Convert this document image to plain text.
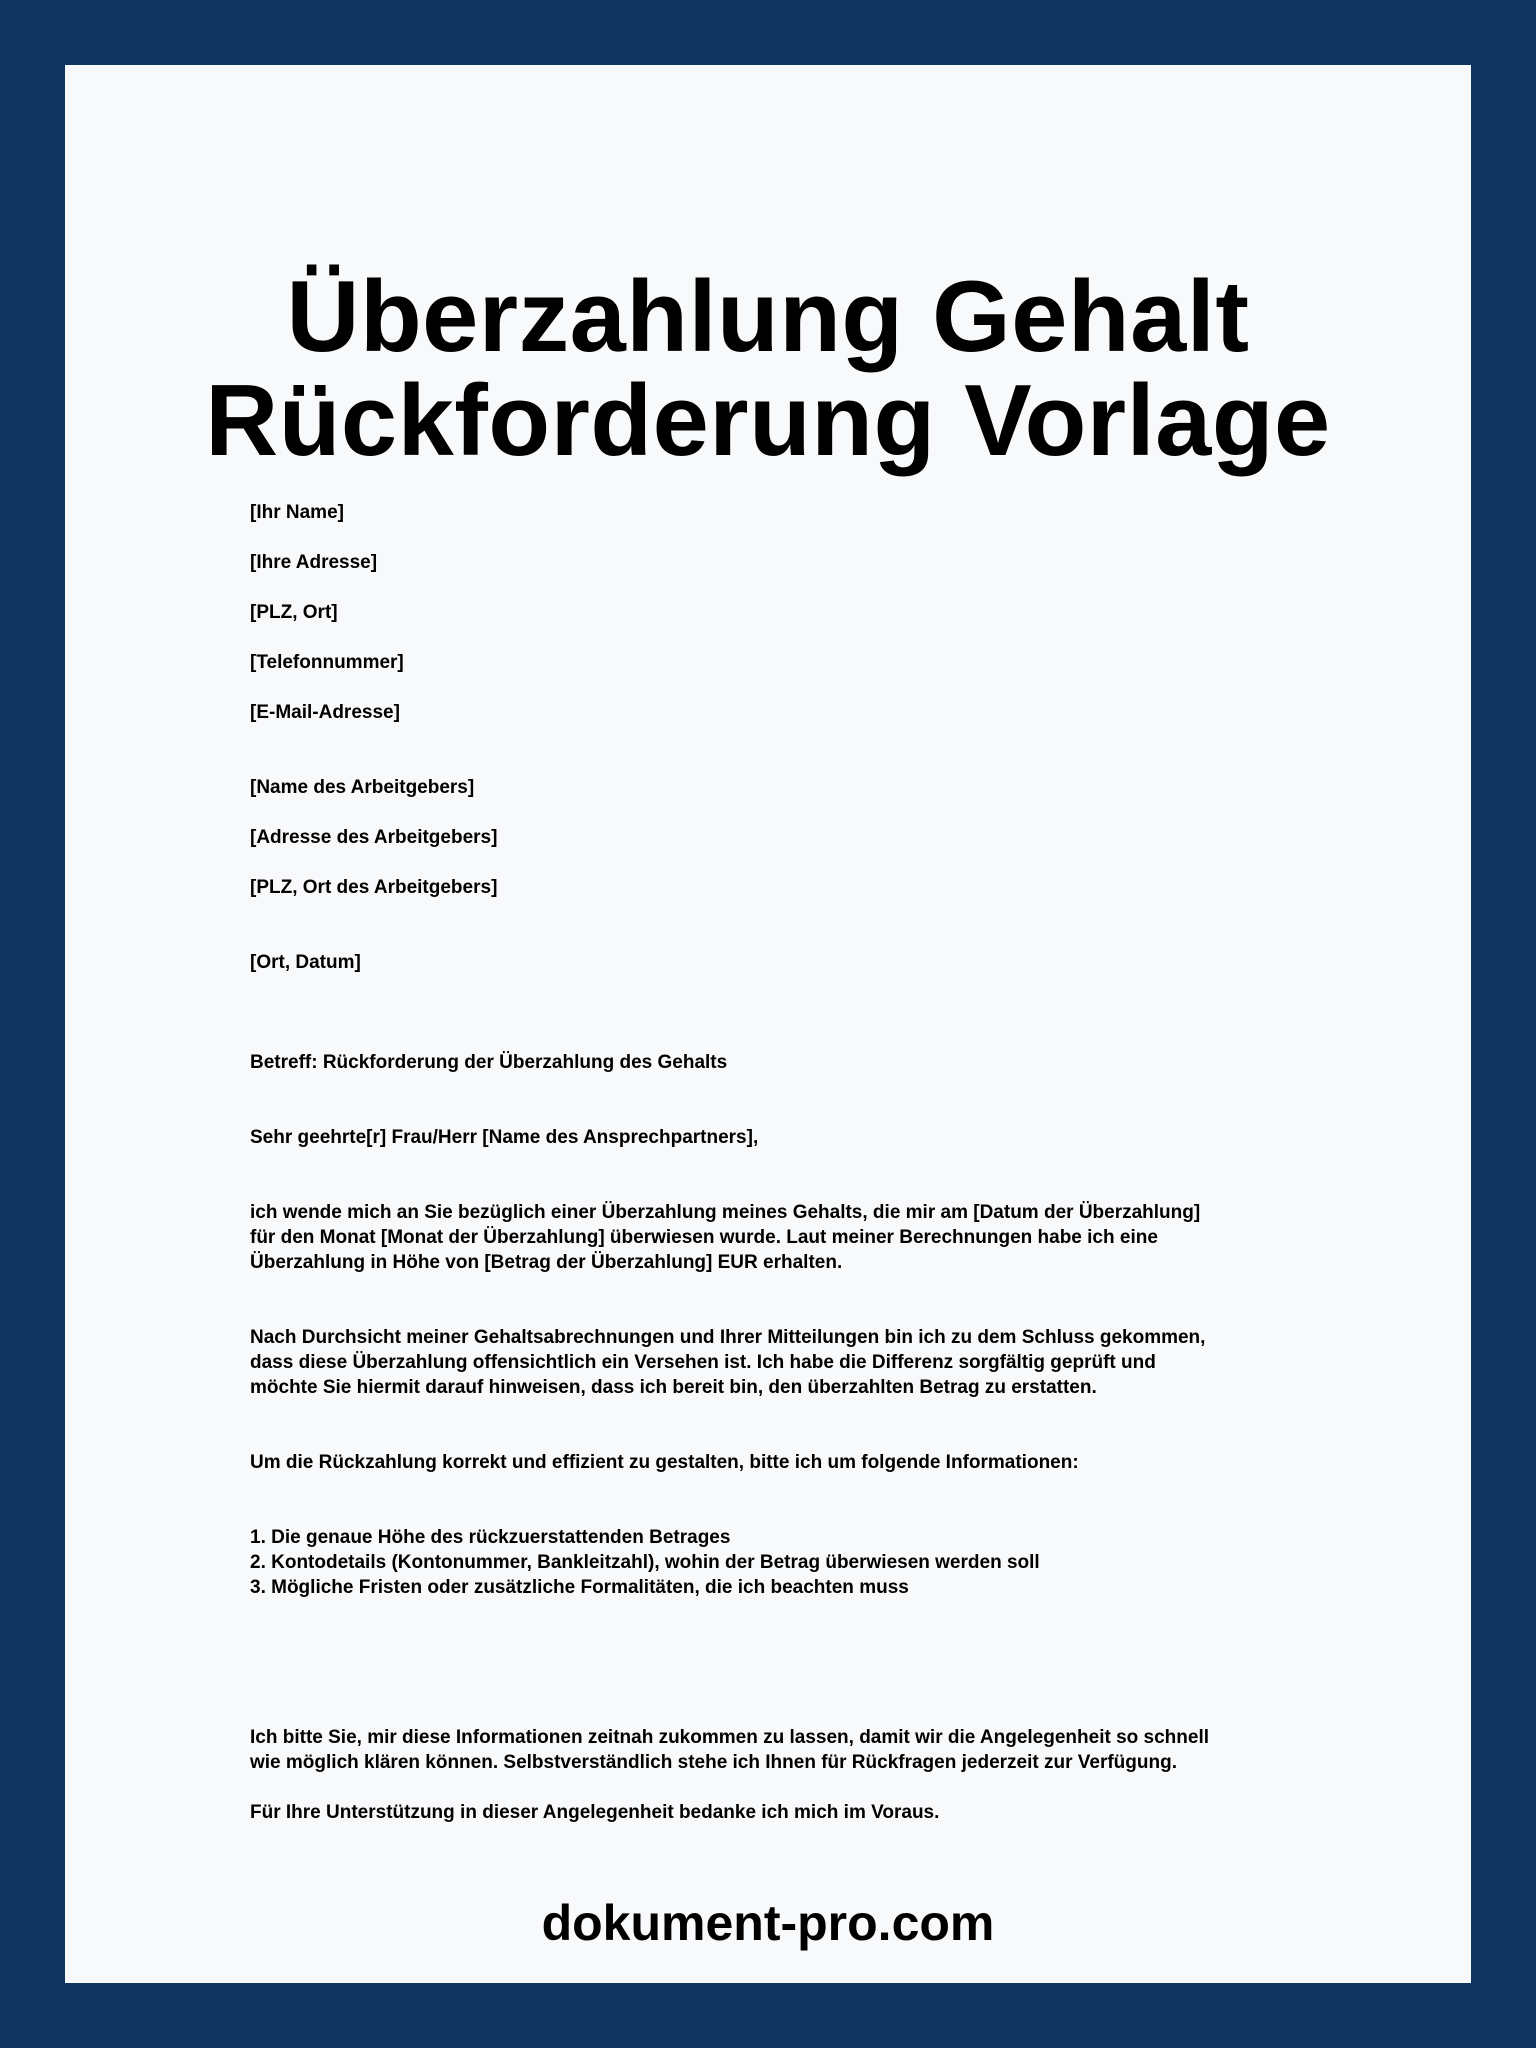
Überzahlung Gehalt
Rückforderung Vorlage
[Ihr Name]
[Ihre Adresse]
[PLZ, Ort]
[Telefonnummer]
[E-Mail-Adresse]
[Name des Arbeitgebers]
[Adresse des Arbeitgebers]
[PLZ, Ort des Arbeitgebers]
[Ort, Datum]
Betreff: Rückforderung der Überzahlung des Gehalts
Sehr geehrte[r] Frau/Herr [Name des Ansprechpartners],
ich wende mich an Sie bezüglich einer Überzahlung meines Gehalts, die mir am [Datum der Überzahlung]
für den Monat [Monat der Überzahlung] überwiesen wurde. Laut meiner Berechnungen habe ich eine
Überzahlung in Höhe von [Betrag der Überzahlung] EUR erhalten.
Nach Durchsicht meiner Gehaltsabrechnungen und Ihrer Mitteilungen bin ich zu dem Schluss gekommen,
dass diese Überzahlung offensichtlich ein Versehen ist. Ich habe die Differenz sorgfältig geprüft und
möchte Sie hiermit darauf hinweisen, dass ich bereit bin, den überzahlten Betrag zu erstatten.
Um die Rückzahlung korrekt und effizient zu gestalten, bitte ich um folgende Informationen:
1. Die genaue Höhe des rückzuerstattenden Betrages
2. Kontodetails (Kontonummer, Bankleitzahl), wohin der Betrag überwiesen werden soll
3. Mögliche Fristen oder zusätzliche Formalitäten, die ich beachten muss
Ich bitte Sie, mir diese Informationen zeitnah zukommen zu lassen, damit wir die Angelegenheit so schnell
wie möglich klären können. Selbstverständlich stehe ich Ihnen für Rückfragen jederzeit zur Verfügung.
Für Ihre Unterstützung in dieser Angelegenheit bedanke ich mich im Voraus.
dokument-pro.com
